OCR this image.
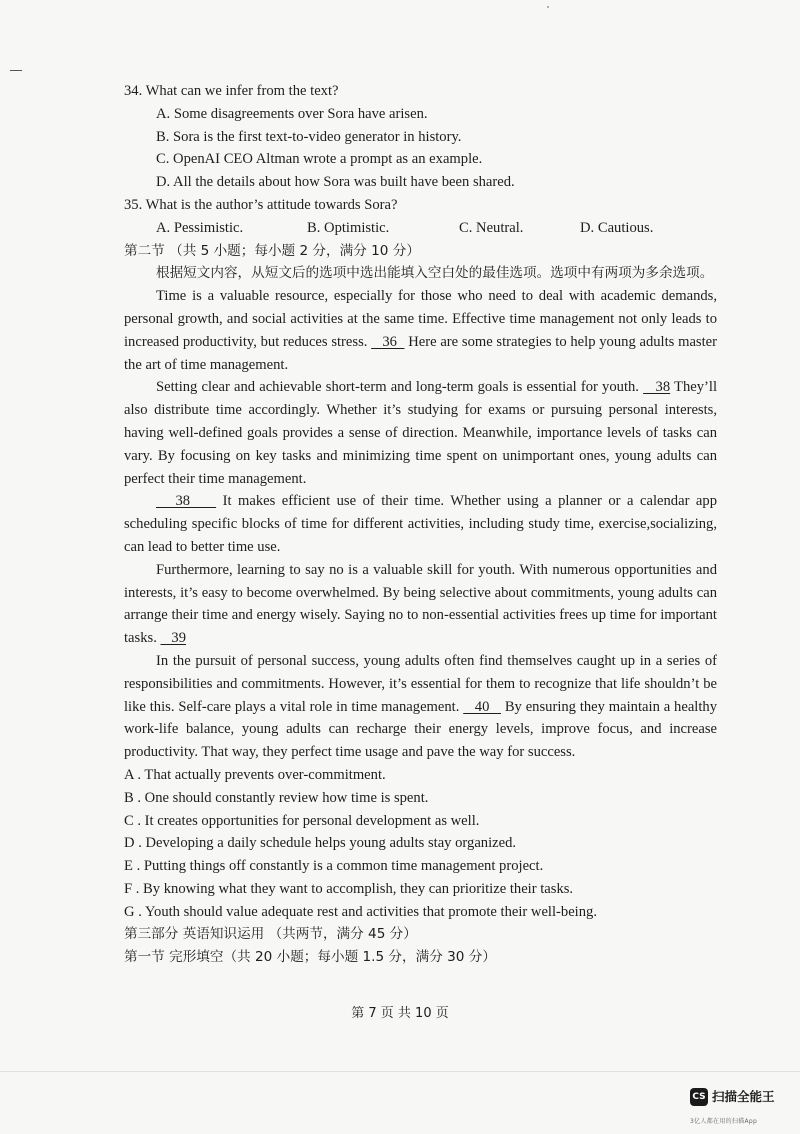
34. What can we infer from the text?
A. Some disagreements over Sora have arisen.
B. Sora is the first text-to-video generator in history.
C. OpenAI CEO Altman wrote a prompt as an example.
D. All the details about how Sora was built have been shared.
35. What is the author’s attitude towards Sora?
A. Pessimistic.	B. Optimistic.	C. Neutral.	D. Cautious.
第二节 （共 5 小题；每小题 2 分，满分 10 分）
根据短文内容，从短文后的选项中选出能填入空白处的最佳选项。选项中有两项为多余选项。
Time is a valuable resource, especially for those who need to deal with academic demands, personal growth, and social activities at the same time. Effective time management not only leads to increased productivity, but reduces stress.    36   Here are some strategies to help young adults master the art of time management.
Setting clear and achievable short-term and long-term goals is essential for youth.    38 They’ll also distribute time accordingly. Whether it’s studying for exams or pursuing personal interests, having well-defined goals provides a sense of direction. Meanwhile, importance levels of tasks can vary. By focusing on key tasks and minimizing time spent on unimportant ones, young adults can perfect their time management.
38     It makes efficient use of their time. Whether using a planner or a calendar app scheduling specific blocks of time for different activities, including study time, exercise,socializing, can lead to better time use.
Furthermore, learning to say no is a valuable skill for youth. With numerous opportunities and interests, it’s easy to become overwhelmed. By being selective about commitments, young adults can arrange their time and energy wisely. Saying no to non-essential activities frees up time for important tasks.    39
In the pursuit of personal success, young adults often find themselves caught up in a series of responsibilities and commitments. However, it’s essential for them to recognize that life shouldn’t be like this. Self-care plays a vital role in time management.    40    By ensuring they maintain a healthy work-life balance, young adults can recharge their energy levels, improve focus, and increase productivity. That way, they perfect time usage and pave the way for success.
A . That actually prevents over-commitment.
B . One should constantly review how time is spent.
C . It creates opportunities for personal development as well.
D . Developing a daily schedule helps young adults stay organized.
E . Putting things off constantly is a common time management project.
F . By knowing what they want to accomplish, they can prioritize their tasks.
G . Youth should value adequate rest and activities that promote their well-being.
第三部分 英语知识运用 （共两节，满分 45 分）
第一节 完形填空（共 20 小题；每小题 1.5 分，满分 30 分）
第 7 页 共 10 页
CS 扫描全能王
3亿人都在用的扫描App
